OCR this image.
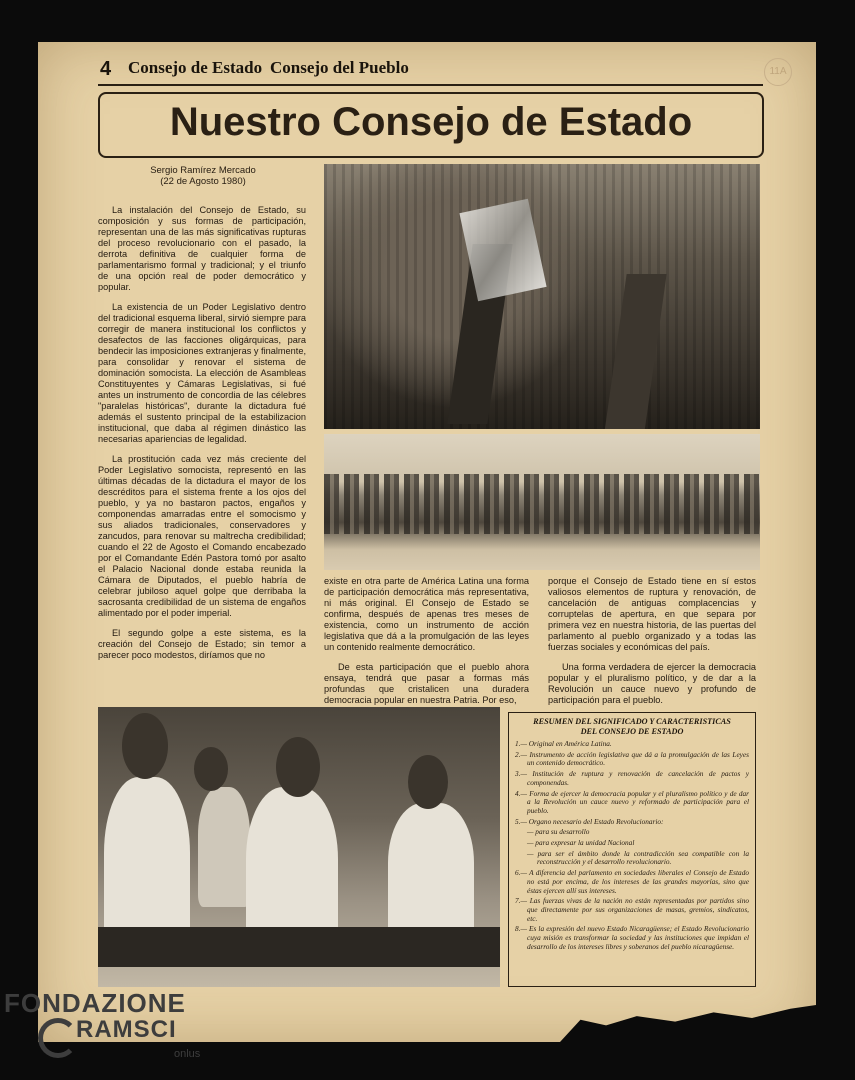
4 Consejo de Estado Consejo del Pueblo	11A
Nuestro Consejo de Estado
Sergio Ramírez Mercado
(22 de Agosto 1980)

La instalación del Consejo de Estado, su composición y sus formas de participación, representan una de las más significativas rupturas del proceso revolucionario con el pasado, la derrota definitiva de cualquier forma de parlamentarismo formal y tradicional; y el triunfo de una opción real de poder democrático y popular.

La existencia de un Poder Legislativo dentro del tradicional esquema liberal, sirvió siempre para corregir de manera institucional los conflictos y desafectos de las facciones oligárquicas, para bendecir las imposiciones extranjeras y finalmente, para consolidar y renovar el sistema de dominación somocista. La elección de Asambleas Constituyentes y Cámaras Legislativas, si fué antes un instrumento de concordia de las célebres "paralelas históricas", durante la dictadura fué además el sustento principal de la estabilizacion institucional, que daba al régimen dinástico las necesarias apariencias de legalidad.

La prostitución cada vez más creciente del Poder Legislativo somocista, representó en las últimas décadas de la dictadura el mayor de los descréditos para el sistema frente a los ojos del pueblo, y ya no bastaron pactos, engaños y componendas amarradas entre el somocismo y sus aliados tradicionales, conservadores y zancudos, para renovar su maltrecha credibilidad; cuando el 22 de Agosto el Comando encabezado por el Comandante Edén Pastora tomó por asalto el Palacio Nacional donde estaba reunida la Cámara de Diputados, el pueblo habría de celebrar jubiloso aquel golpe que derribaba la sacrosanta credibilidad de un sistema de engaños alimentado por el poder imperial.

El segundo golpe a este sistema, es la creación del Consejo de Estado; sin temor a parecer poco modestos, diríamos que no

existe en otra parte de América Latina una forma de participación democrática más representativa, ni más original. El Consejo de Estado se confirma, después de apenas tres meses de existencia, como un instrumento de acción legislativa que dá a la promulgación de las leyes un contenido realmente democrático.

De esta participación que el pueblo ahora ensaya, tendrá que pasar a formas más profundas que cristalicen una duradera democracia popular en nuestra Patria. Por eso,

porque el Consejo de Estado tiene en sí estos valiosos elementos de ruptura y renovación, de cancelación de antiguas complacencias y corruptelas de apertura, en que separa por primera vez en nuestra historia, de las puertas del parlamento al pueblo organizado y a todas las fuerzas sociales y económicas del país.

Una forma verdadera de ejercer la democracia popular y el pluralismo político, y de dar a la Revolución un cauce nuevo y profundo de participación para el pueblo.

RESUMEN DEL SIGNIFICADO Y CARACTERISTICAS
DEL CONSEJO DE ESTADO
1.— Original en América Latina.
2.— Instrumento de acción legislativa que dá a la promulgación de las Leyes un contenido democrático.
3.— Institución de ruptura y renovación de cancelación de pactos y componendas.
4.— Forma de ejercer la democracia popular y el pluralismo político y de dar a la Revolución un cauce nuevo y reformado de participación para el pueblo.
5.— Organo necesario del Estado Revolucionario:
— para su desarrollo
— para expresar la unidad Nacional
— para ser el ámbito donde la contradicción sea compatible con la reconstrucción y el desarrollo revolucionario.
6.— A diferencia del parlamento en sociedades liberales el Consejo de Estado no está por encima, de los intereses de las grandes mayorías, sino que éstas ejercen allí sus intereses.
7.— Las fuerzas vivas de la nación no están representadas por partidos sino que directamente por sus organizaciones de masas, gremios, sindicatos, etc.
8.— Es la expresión del nuevo Estado Nicaragüense; el Estado Revolucionario cuya misión es transformar la sociedad y las instituciones que impidan el desarrollo de los intereses libres y soberanos del pueblo nicaragüense.
FONDAZIONE
RAMSCI
onlus
